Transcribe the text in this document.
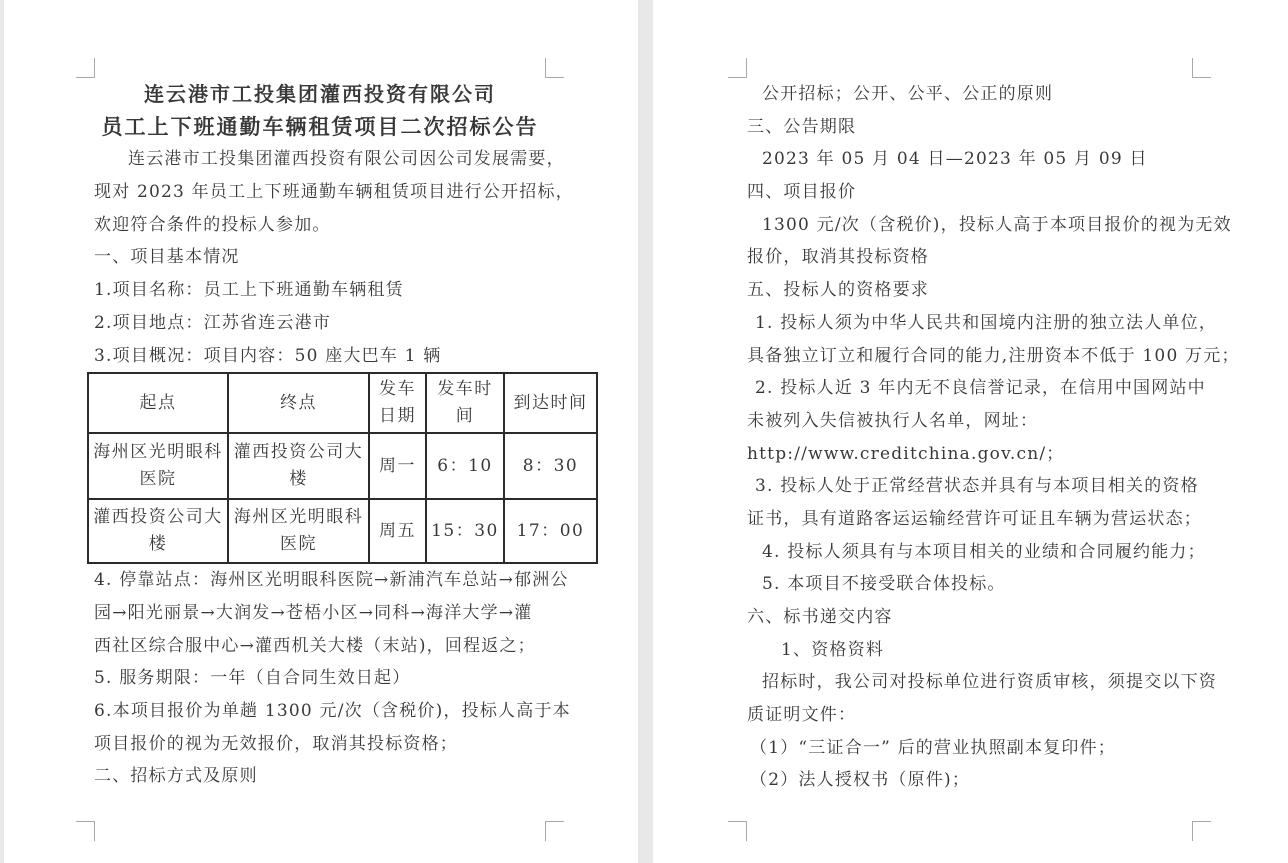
连云港市工投集团灌西投资有限公司
员工上下班通勤车辆租赁项目二次招标公告
连云港市工投集团灌西投资有限公司因公司发展需要，
现对 2023 年员工上下班通勤车辆租赁项目进行公开招标，
欢迎符合条件的投标人参加。
一、项目基本情况
1.项目名称：员工上下班通勤车辆租赁
2.项目地点：江苏省连云港市
3.项目概况：项目内容：50 座大巴车 1 辆
起点	终点	发车日期	发车时间	到达时间
海州区光明眼科医院	灌西投资公司大楼	周一	6：10	8：30
灌西投资公司大楼	海州区光明眼科医院	周五	15：30	17：00
4. 停靠站点：海州区光明眼科医院→新浦汽车总站→郁洲公
园→阳光丽景→大润发→苍梧小区→同科→海洋大学→灌
西社区综合服中心→灌西机关大楼（末站)，回程返之；
5. 服务期限：一年（自合同生效日起）
6.本项目报价为单趟 1300 元/次（含税价)，投标人高于本
项目报价的视为无效报价，取消其投标资格；
二、招标方式及原则
公开招标；公开、公平、公正的原则
三、公告期限
2023 年 05 月 04 日—2023 年 05 月 09 日
四、项目报价
1300 元/次（含税价)，投标人高于本项目报价的视为无效
报价，取消其投标资格
五、投标人的资格要求
1. 投标人须为中华人民共和国境内注册的独立法人单位，
具备独立订立和履行合同的能力,注册资本不低于 100 万元；
2. 投标人近 3 年内无不良信誉记录，在信用中国网站中
未被列入失信被执行人名单，网址：
http://www.creditchina.gov.cn/；
3. 投标人处于正常经营状态并具有与本项目相关的资格
证书，具有道路客运运输经营许可证且车辆为营运状态；
4. 投标人须具有与本项目相关的业绩和合同履约能力；
5. 本项目不接受联合体投标。
六、标书递交内容
1、资格资料
招标时，我公司对投标单位进行资质审核，须提交以下资
质证明文件：
（1）“三证合一” 后的营业执照副本复印件；
（2）法人授权书（原件)；
